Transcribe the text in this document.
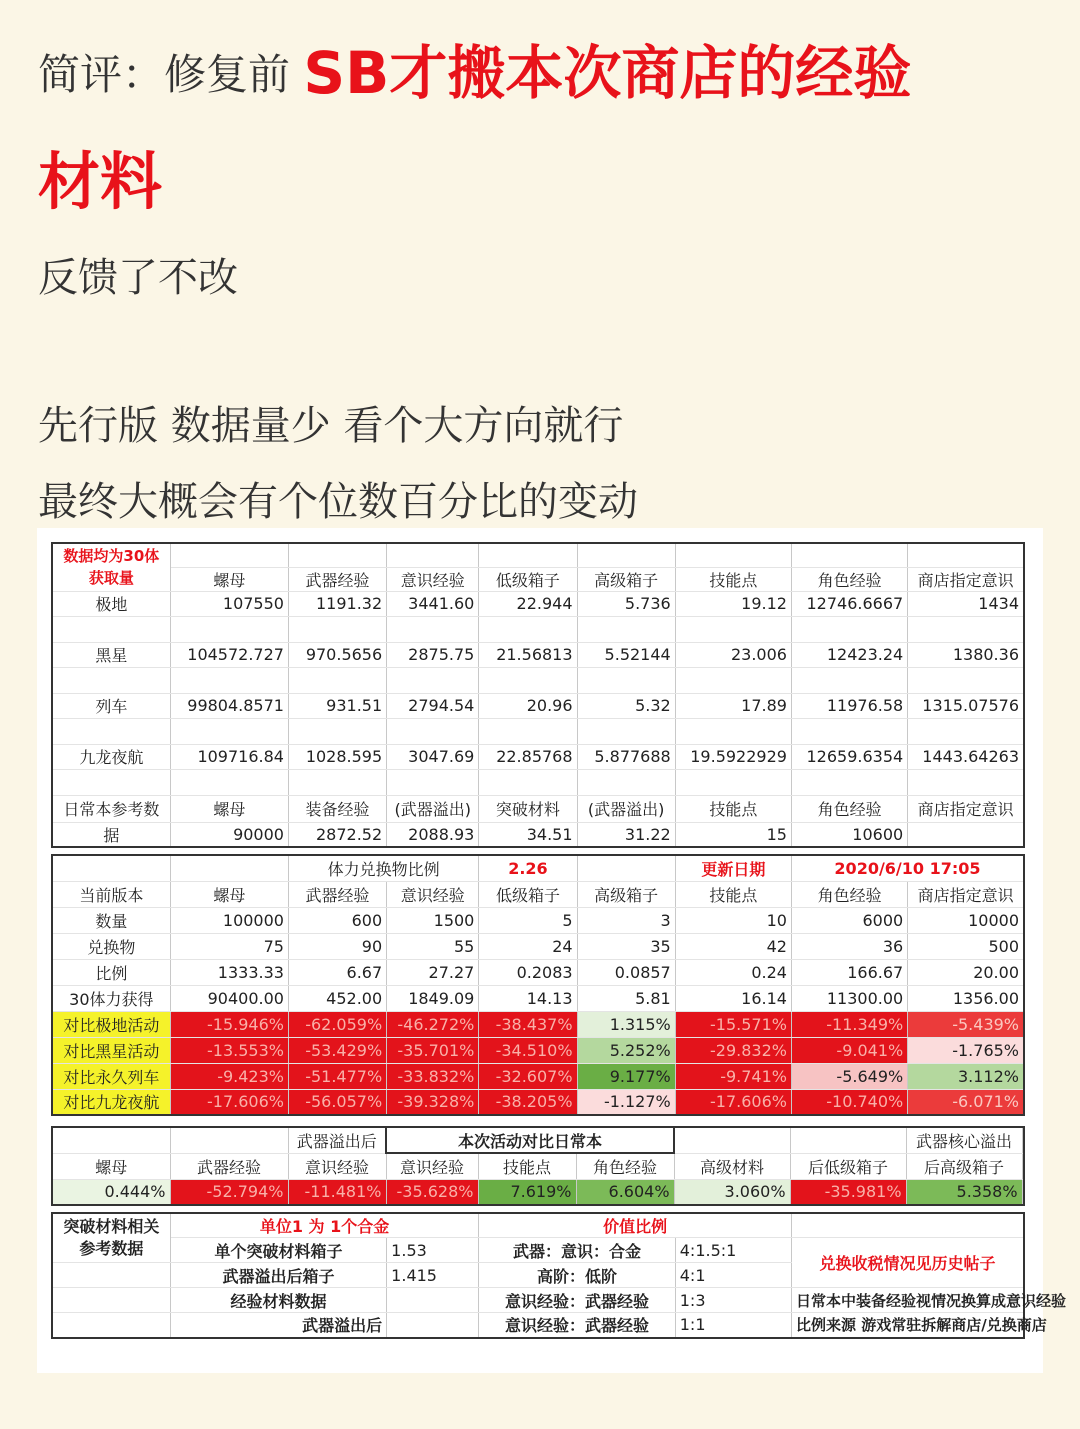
简评：修复前 SB才搬本次商店的经验
材料
反馈了不改
先行版 数据量少 看个大方向就行
最终大概会有个位数百分比的变动
数据均为30体获取量								
	螺母	武器经验	意识经验	低级箱子	高级箱子	技能点	角色经验	商店指定意识
极地	107550	1191.32	3441.60	22.944	5.736	19.12	12746.6667	1434

黑星	104572.727	970.5656	2875.75	21.56813	5.52144	23.006	12423.24	1380.36

列车	99804.8571	931.51	2794.54	20.96	5.32	17.89	11976.58	1315.07576

九龙夜航	109716.84	1028.595	3047.69	22.85768	5.877688	19.5922929	12659.6354	1443.64263

日常本参考数	螺母	装备经验	(武器溢出)	突破材料	(武器溢出)	技能点	角色经验	商店指定意识
据	90000	2872.52	2088.93	34.51	31.22	15	10600	
		体力兑换物比例		2.26		更新日期	2020/6/10 17:05	
当前版本	螺母	武器经验	意识经验	低级箱子	高级箱子	技能点	角色经验	商店指定意识
数量	100000	600	1500	5	3	10	6000	10000
兑换物	75	90	55	24	35	42	36	500
比例	1333.33	6.67	27.27	0.2083	0.0857	0.24	166.67	20.00
30体力获得	90400.00	452.00	1849.09	14.13	5.81	16.14	11300.00	1356.00
对比极地活动	-15.946%	-62.059%	-46.272%	-38.437%	1.315%	-15.571%	-11.349%	-5.439%
对比黑星活动	-13.553%	-53.429%	-35.701%	-34.510%	5.252%	-29.832%	-9.041%	-1.765%
对比永久列车	-9.423%	-51.477%	-33.832%	-32.607%	9.177%	-9.741%	-5.649%	3.112%
对比九龙夜航	-17.606%	-56.057%	-39.328%	-38.205%	-1.127%	-17.606%	-10.740%	-6.071%
		武器溢出后	本次活动对比日常本					武器核心溢出	
螺母	武器经验	意识经验	意识经验	技能点	角色经验	高级材料	后低级箱子	后高级箱子	
0.444%	-52.794%	-11.481%	-35.628%	7.619%	6.604%	3.060%	-35.981%	5.358%	
突破材料相关
参考数据	单位1 为 1个合金		价值比例		
	单个突破材料箱子	1.53	武器：意识：合金	4:1.5:1	兑换收税情况见历史帖子
	武器溢出后箱子	1.415	高阶：低阶	4:1	
	经验材料数据		意识经验：武器经验	1:3	日常本中装备经验视情况换算成意识经验
	武器溢出后		意识经验：武器经验	1:1	比例来源 游戏常驻拆解商店/兑换商店
